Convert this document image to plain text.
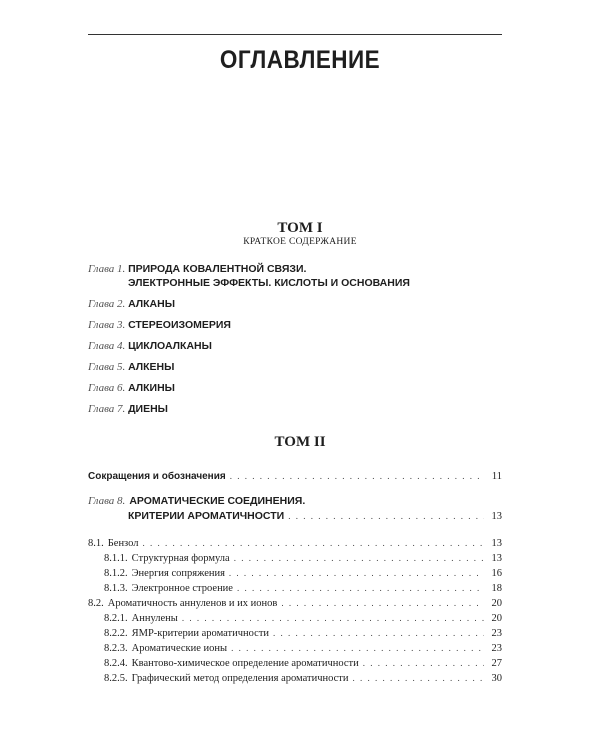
ОГЛАВЛЕНИЕ
ТОМ I
КРАТКОЕ СОДЕРЖАНИЕ
Глава 1. ПРИРОДА КОВАЛЕНТНОЙ СВЯЗИ.
ЭЛЕКТРОННЫЕ ЭФФЕКТЫ. КИСЛОТЫ И ОСНОВАНИЯ
Глава 2. АЛКАНЫ
Глава 3. СТЕРЕОИЗОМЕРИЯ
Глава 4. ЦИКЛОАЛКАНЫ
Глава 5. АЛКЕНЫ
Глава 6. АЛКИНЫ
Глава 7. ДИЕНЫ
ТОМ II
Сокращения и обозначения . . .	11
Глава 8. АРОМАТИЧЕСКИЕ СОЕДИНЕНИЯ.
КРИТЕРИИ АРОМАТИЧНОСТИ . . .	13
8.1. Бензол . . .	13
8.1.1. Структурная формула . . .	13
8.1.2. Энергия сопряжения . . .	16
8.1.3. Электронное строение . . .	18
8.2. Ароматичность аннуленов и их ионов . . .	20
8.2.1. Аннулены . . .	20
8.2.2. ЯМР-критерии ароматичности . . .	23
8.2.3. Ароматические ионы . . .	23
8.2.4. Квантово-химическое определение ароматичности . . .	27
8.2.5. Графический метод определения ароматичности . . .	30
